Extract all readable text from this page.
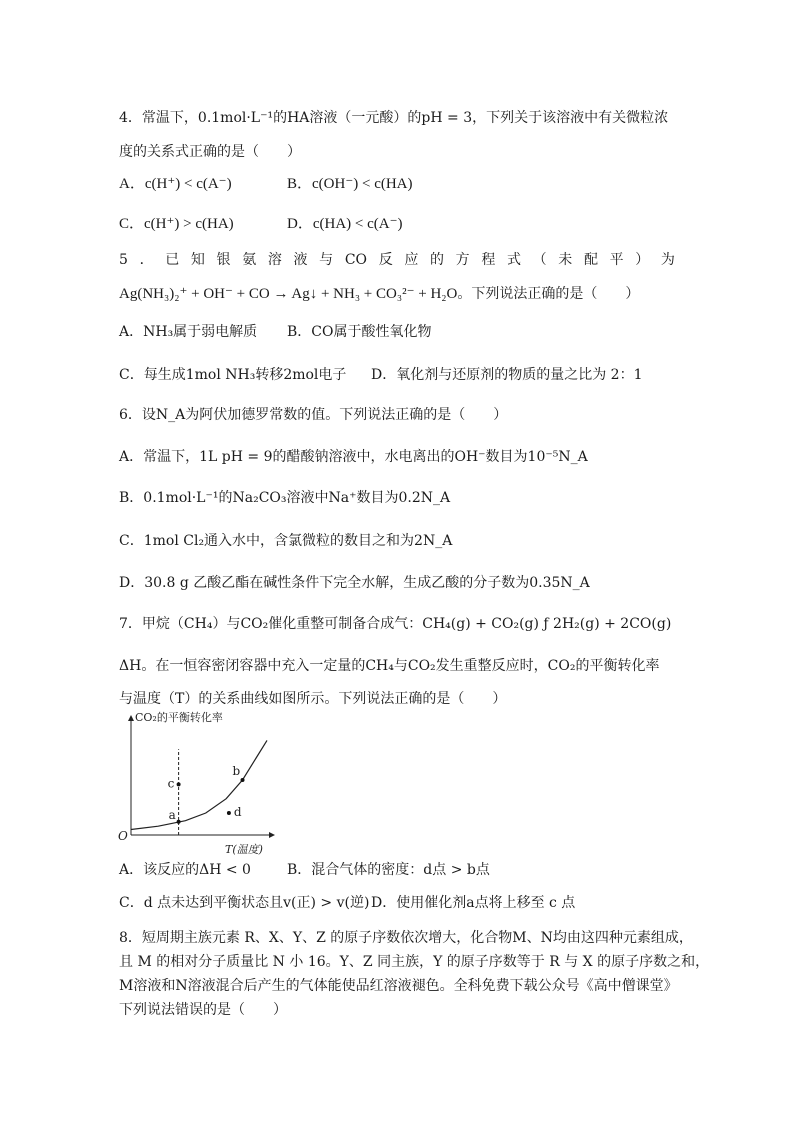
4．常温下，0.1mol·L⁻¹的HA溶液（一元酸）的pH = 3，下列关于该溶液中有关微粒浓
度的关系式正确的是（　　）
A．c(H⁺) < c(A⁻)	B．c(OH⁻) < c(HA)
C．c(H⁺) > c(HA)	D．c(HA) < c(A⁻)
5 ． 已 知 银 氨 溶 液 与 CO 反 应 的 方 程 式 （ 未 配 平 ） 为
Ag(NH₃)₂⁺ + OH⁻ + CO → Ag↓ + NH₃ + CO₃²⁻ + H₂O。下列说法正确的是（　　）
A．NH₃属于弱电解质 B．CO属于酸性氧化物
C．每生成1mol NH₃转移2mol电子 D．氧化剂与还原剂的物质的量之比为 2：1
6．设N_A为阿伏加德罗常数的值。下列说法正确的是（　　）
A．常温下，1L pH = 9的醋酸钠溶液中，水电离出的OH⁻数目为10⁻⁵N_A
B．0.1mol·L⁻¹的Na₂CO₃溶液中Na⁺数目为0.2N_A
C．1mol Cl₂通入水中，含氯微粒的数目之和为2N_A
D．30.8 g 乙酸乙酯在碱性条件下完全水解，生成乙酸的分子数为0.35N_A
7．甲烷（CH₄）与CO₂催化重整可制备合成气：CH₄(g) + CO₂(g) ƒ 2H₂(g) + 2CO(g)
ΔH。在一恒容密闭容器中充入一定量的CH₄与CO₂发生重整反应时，CO₂的平衡转化率
与温度（T）的关系曲线如图所示。下列说法正确的是（　　）
CO₂的平衡转化率
T(温度)
O
a
b
c
d
A．该反应的ΔH < 0	B．混合气体的密度：d点 > b点
C．d 点未达到平衡状态且v(正) > v(逆) D．使用催化剂a点将上移至 c 点
8．短周期主族元素 R、X、Y、Z 的原子序数依次增大，化合物M、N均由这四种元素组成，
且 M 的相对分子质量比 N 小 16。Y、Z 同主族，Y 的原子序数等于 R 与 X 的原子序数之和，
M溶液和N溶液混合后产生的气体能使品红溶液褪色。全科免费下载公众号《高中僧课堂》
下列说法错误的是（　　）
